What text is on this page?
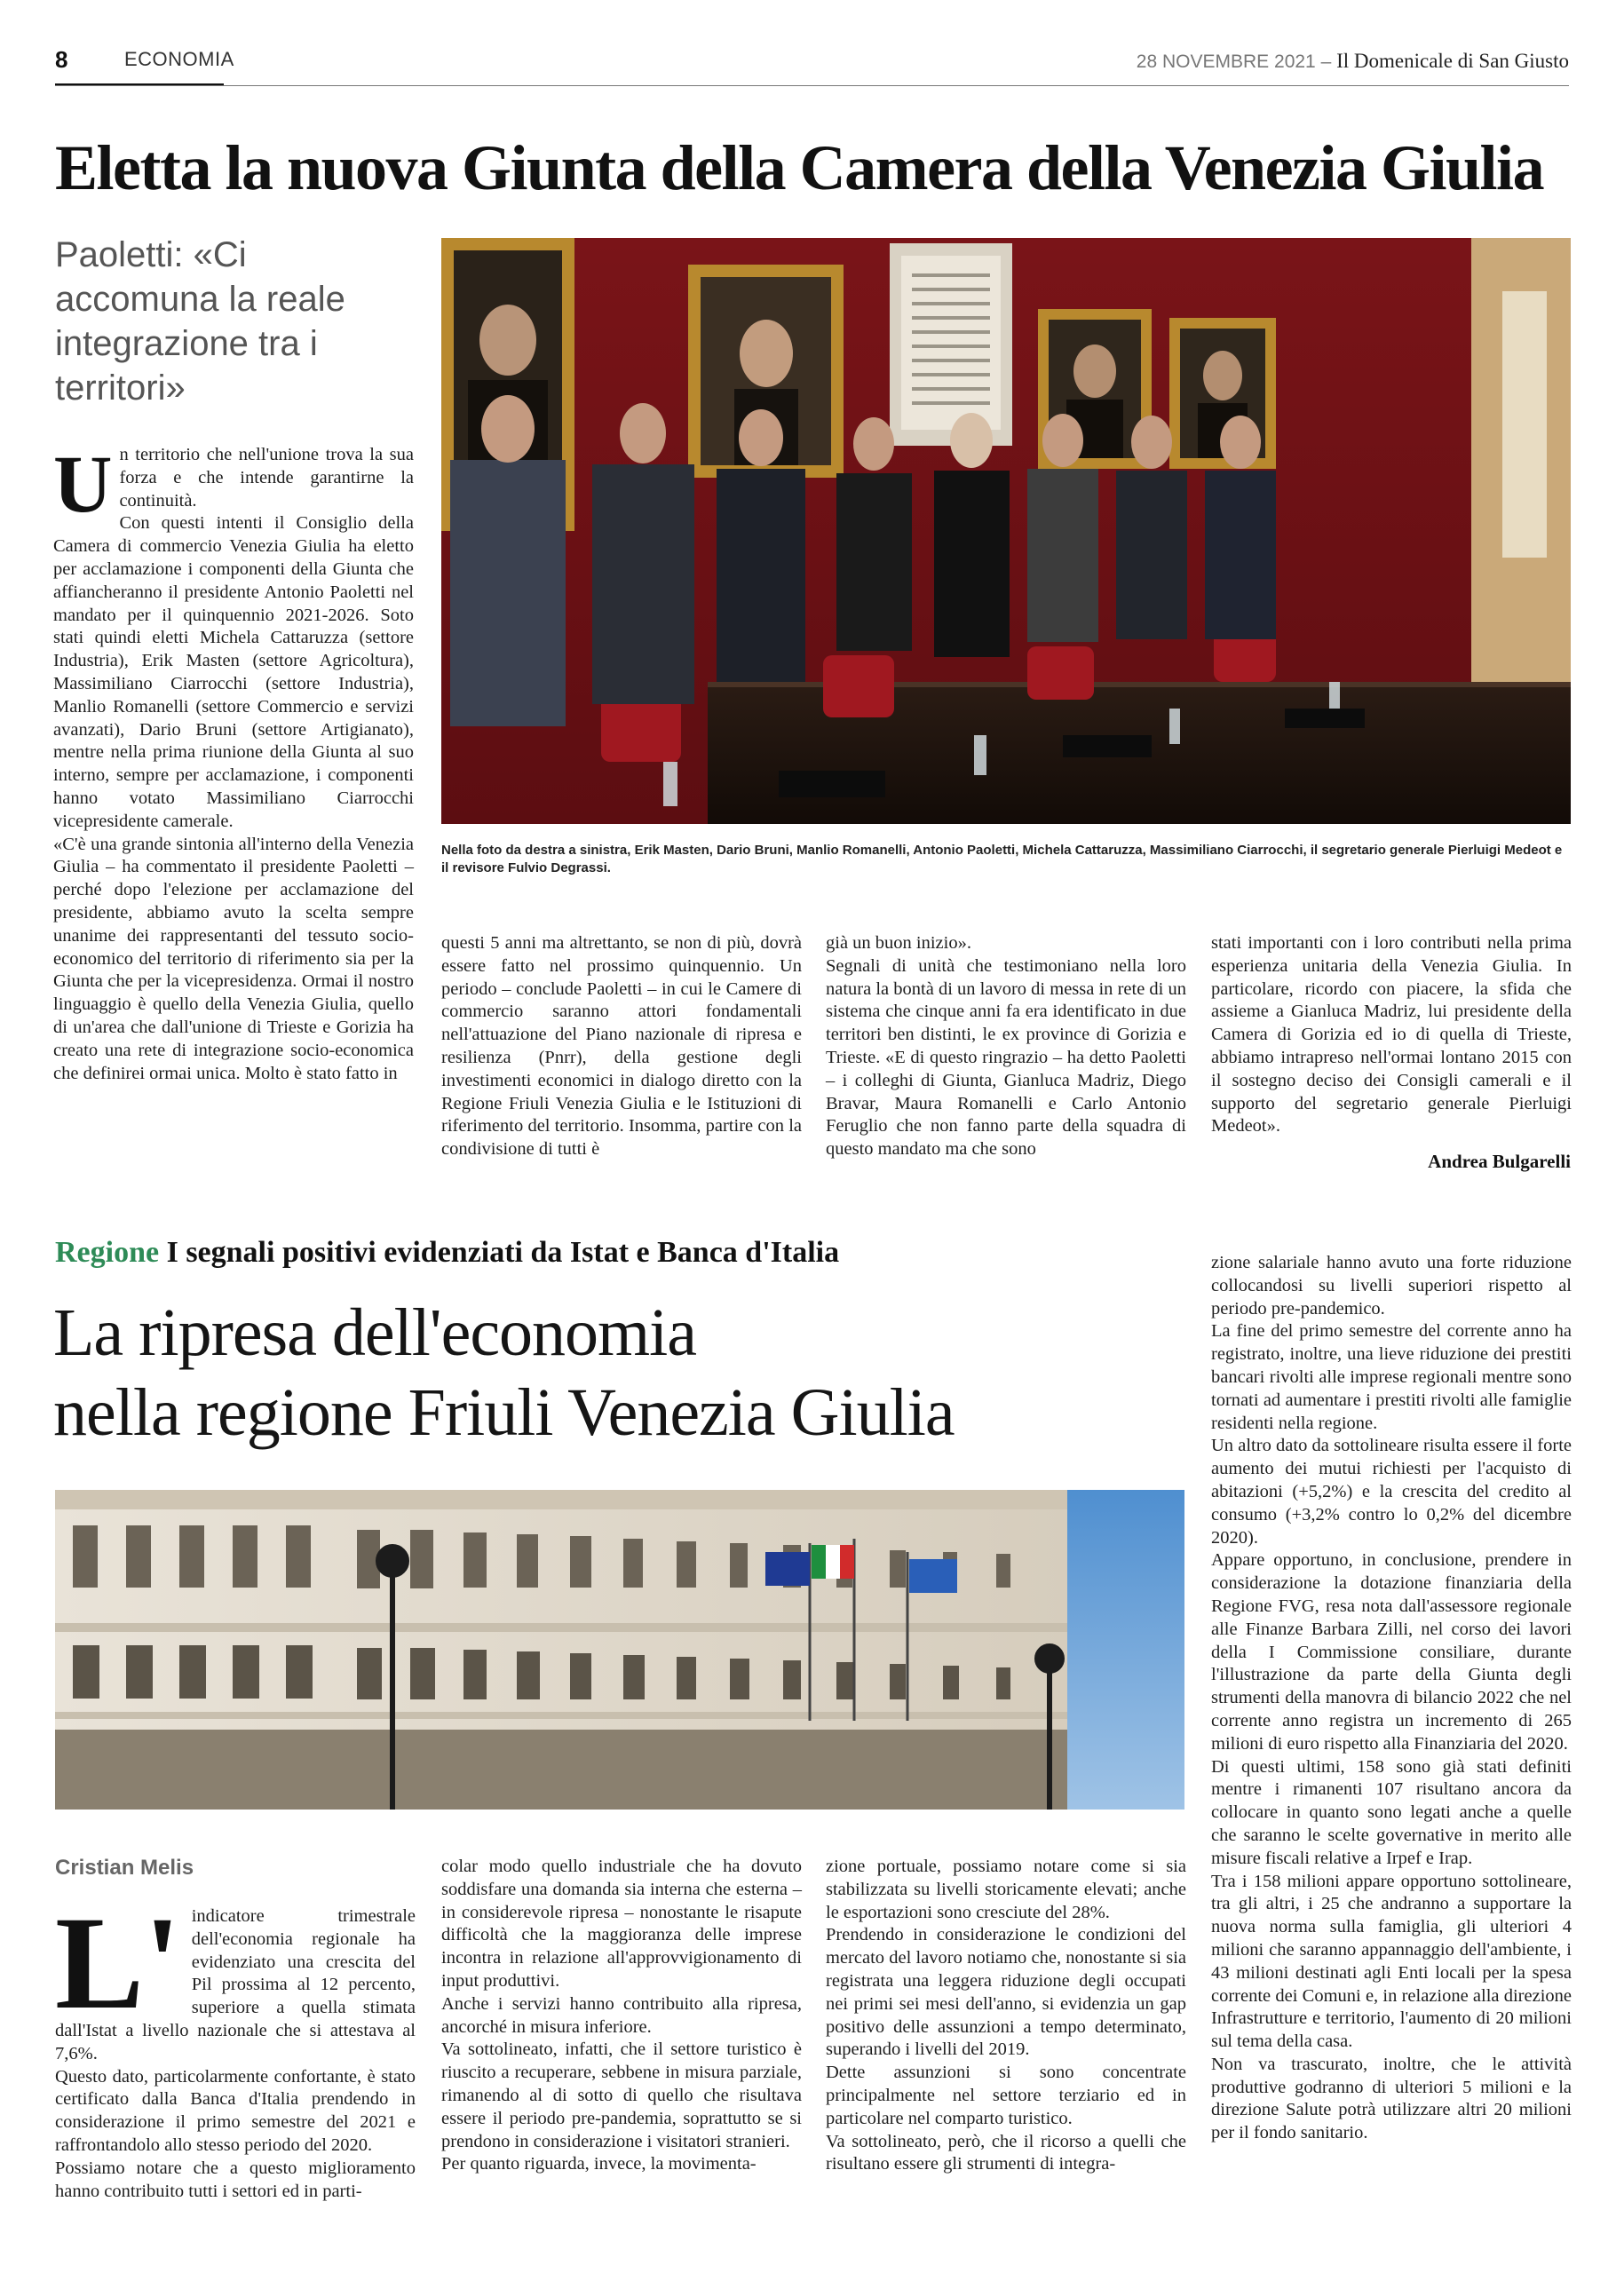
8	ECONOMIA	28 NOVEMBRE 2021 – Il Domenicale di San Giusto
Eletta la nuova Giunta della Camera della Venezia Giulia
Paoletti: «Ci accomuna la reale integrazione tra i territori»
Nella foto da destra a sinistra, Erik Masten, Dario Bruni, Manlio Romanelli, Antonio Paoletti, Michela Cattaruzza, Massimiliano Ciarrocchi, il segretario generale Pierluigi Medeot e il revisore Fulvio Degrassi.
U n territorio che nell'unione trova la sua forza e che intende garantirne la continuità.

Con questi intenti il Consiglio della Camera di commercio Venezia Giulia ha eletto per acclamazione i componenti della Giunta che affiancheranno il presidente Antonio Paoletti nel mandato per il quinquennio 2021-2026. Soto stati quindi eletti Michela Cattaruzza (settore Industria), Erik Masten (settore Agricoltura), Massimiliano Ciarrocchi (settore Industria), Manlio Romanelli (settore Commercio e servizi avanzati), Dario Bruni (settore Artigianato), mentre nella prima riunione della Giunta al suo interno, sempre per acclamazione, i componenti hanno votato Massimiliano Ciarrocchi vicepresidente camerale.

«C'è una grande sintonia all'interno della Venezia Giulia – ha commentato il presidente Paoletti – perché dopo l'elezione per acclamazione del presidente, abbiamo avuto la scelta sempre unanime dei rappresentanti del tessuto socio-economico del territorio di riferimento sia per la Giunta che per la vicepresidenza. Ormai il nostro linguaggio è quello della Venezia Giulia, quello di un'area che dall'unione di Trieste e Gorizia ha creato una rete di integrazione socio-economica che definirei ormai unica. Molto è stato fatto in

questi 5 anni ma altrettanto, se non di più, dovrà essere fatto nel prossimo quinquennio. Un periodo – conclude Paoletti – in cui le Camere di commercio saranno attori fondamentali nell'attuazione del Piano nazionale di ripresa e resilienza (Pnrr), della gestione degli investimenti economici in dialogo diretto con la Regione Friuli Venezia Giulia e le Istituzioni di riferimento del territorio. Insomma, partire con la condivisione di tutti è

già un buon inizio».

Segnali di unità che testimoniano nella loro natura la bontà di un lavoro di messa in rete di un sistema che cinque anni fa era identificato in due territori ben distinti, le ex province di Gorizia e Trieste. «E di questo ringrazio – ha detto Paoletti – i colleghi di Giunta, Gianluca Madriz, Diego Bravar, Maura Romanelli e Carlo Antonio Feruglio che non fanno parte della squadra di questo mandato ma che sono

stati importanti con i loro contributi nella prima esperienza unitaria della Venezia Giulia. In particolare, ricordo con piacere, la sfida che assieme a Gianluca Madriz, lui presidente della Camera di Gorizia ed io di quella di Trieste, abbiamo intrapreso nell'ormai lontano 2015 con il sostegno deciso dei Consigli camerali e il supporto del segretario generale Pierluigi Medeot».

Andrea Bulgarelli
Regione I segnali positivi evidenziati da Istat e Banca d'Italia
La ripresa dell'economia
nella regione Friuli Venezia Giulia
Cristian Melis
L' indicatore trimestrale dell'economia regionale ha evidenziato una crescita del Pil prossima al 12 percento, superiore a quella stimata dall'Istat a livello nazionale che si attestava al 7,6%.

Questo dato, particolarmente confortante, è stato certificato dalla Banca d'Italia prendendo in considerazione il primo semestre del 2021 e raffrontandolo allo stesso periodo del 2020.

Possiamo notare che a questo miglioramento hanno contribuito tutti i settori ed in parti-

colar modo quello industriale che ha dovuto soddisfare una domanda sia interna che esterna – in considerevole ripresa – nonostante le risapute difficoltà che la maggioranza delle imprese incontra in relazione all'approvvigionamento di input produttivi.

Anche i servizi hanno contribuito alla ripresa, ancorché in misura inferiore.

Va sottolineato, infatti, che il settore turistico è riuscito a recuperare, sebbene in misura parziale, rimanendo al di sotto di quello che risultava essere il periodo pre-pandemia, soprattutto se si prendono in considerazione i visitatori stranieri.

Per quanto riguarda, invece, la movimenta-

zione portuale, possiamo notare come si sia stabilizzata su livelli storicamente elevati; anche le esportazioni sono cresciute del 28%.

Prendendo in considerazione le condizioni del mercato del lavoro notiamo che, nonostante si sia registrata una leggera riduzione degli occupati nei primi sei mesi dell'anno, si evidenzia un gap positivo delle assunzioni a tempo determinato, superando i livelli del 2019.

Dette assunzioni si sono concentrate principalmente nel settore terziario ed in particolare nel comparto turistico.

Va sottolineato, però, che il ricorso a quelli che risultano essere gli strumenti di integra-

zione salariale hanno avuto una forte riduzione collocandosi su livelli superiori rispetto al periodo pre-pandemico.

La fine del primo semestre del corrente anno ha registrato, inoltre, una lieve riduzione dei prestiti bancari rivolti alle imprese regionali mentre sono tornati ad aumentare i prestiti rivolti alle famiglie residenti nella regione.

Un altro dato da sottolineare risulta essere il forte aumento dei mutui richiesti per l'acquisto di abitazioni (+5,2%) e la crescita del credito al consumo (+3,2% contro lo 0,2% del dicembre 2020).

Appare opportuno, in conclusione, prendere in considerazione la dotazione finanziaria della Regione FVG, resa nota dall'assessore regionale alle Finanze Barbara Zilli, nel corso dei lavori della I Commissione consiliare, durante l'illustrazione da parte della Giunta degli strumenti della manovra di bilancio 2022 che nel corrente anno registra un incremento di 265 milioni di euro rispetto alla Finanziaria del 2020.

Di questi ultimi, 158 sono già stati definiti mentre i rimanenti 107 risultano ancora da collocare in quanto sono legati anche a quelle che saranno le scelte governative in merito alle misure fiscali relative a Irpef e Irap.

Tra i 158 milioni appare opportuno sottolineare, tra gli altri, i 25 che andranno a supportare la nuova norma sulla famiglia, gli ulteriori 4 milioni che saranno appannaggio dell'ambiente, i 43 milioni destinati agli Enti locali per la spesa corrente dei Comuni e, in relazione alla direzione Infrastrutture e territorio, l'aumento di 20 milioni sul tema della casa.

Non va trascurato, inoltre, che le attività produttive godranno di ulteriori 5 milioni e la direzione Salute potrà utilizzare altri 20 milioni per il fondo sanitario.
